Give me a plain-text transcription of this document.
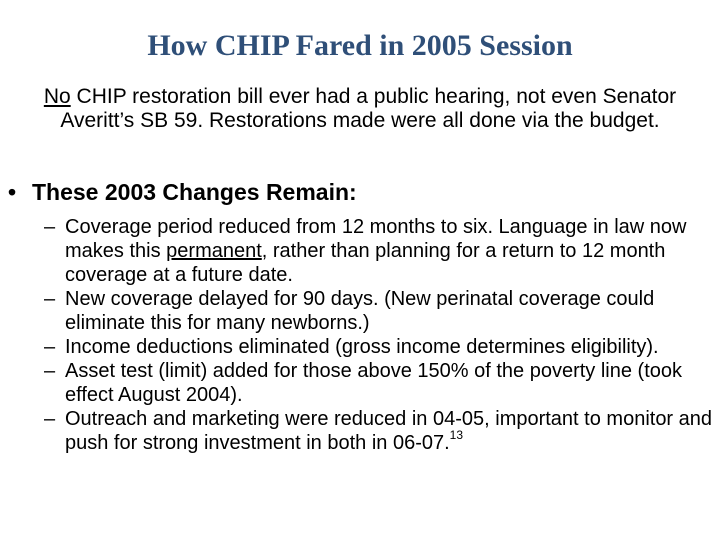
How CHIP Fared in 2005 Session
No CHIP restoration bill ever had a public hearing, not even Senator Averitt’s SB 59. Restorations made were all done via the budget.
• These 2003 Changes Remain:
– Coverage period reduced from 12 months to six. Language in law now makes this permanent, rather than planning for a return to 12 month coverage at a future date.
– New coverage delayed for 90 days. (New perinatal coverage could eliminate this for many newborns.)
– Income deductions eliminated (gross income determines eligibility).
– Asset test (limit) added for those above 150% of the poverty line (took effect August 2004).
– Outreach and marketing were reduced in 04-05, important to monitor and push for strong investment in both in 06-07.13
